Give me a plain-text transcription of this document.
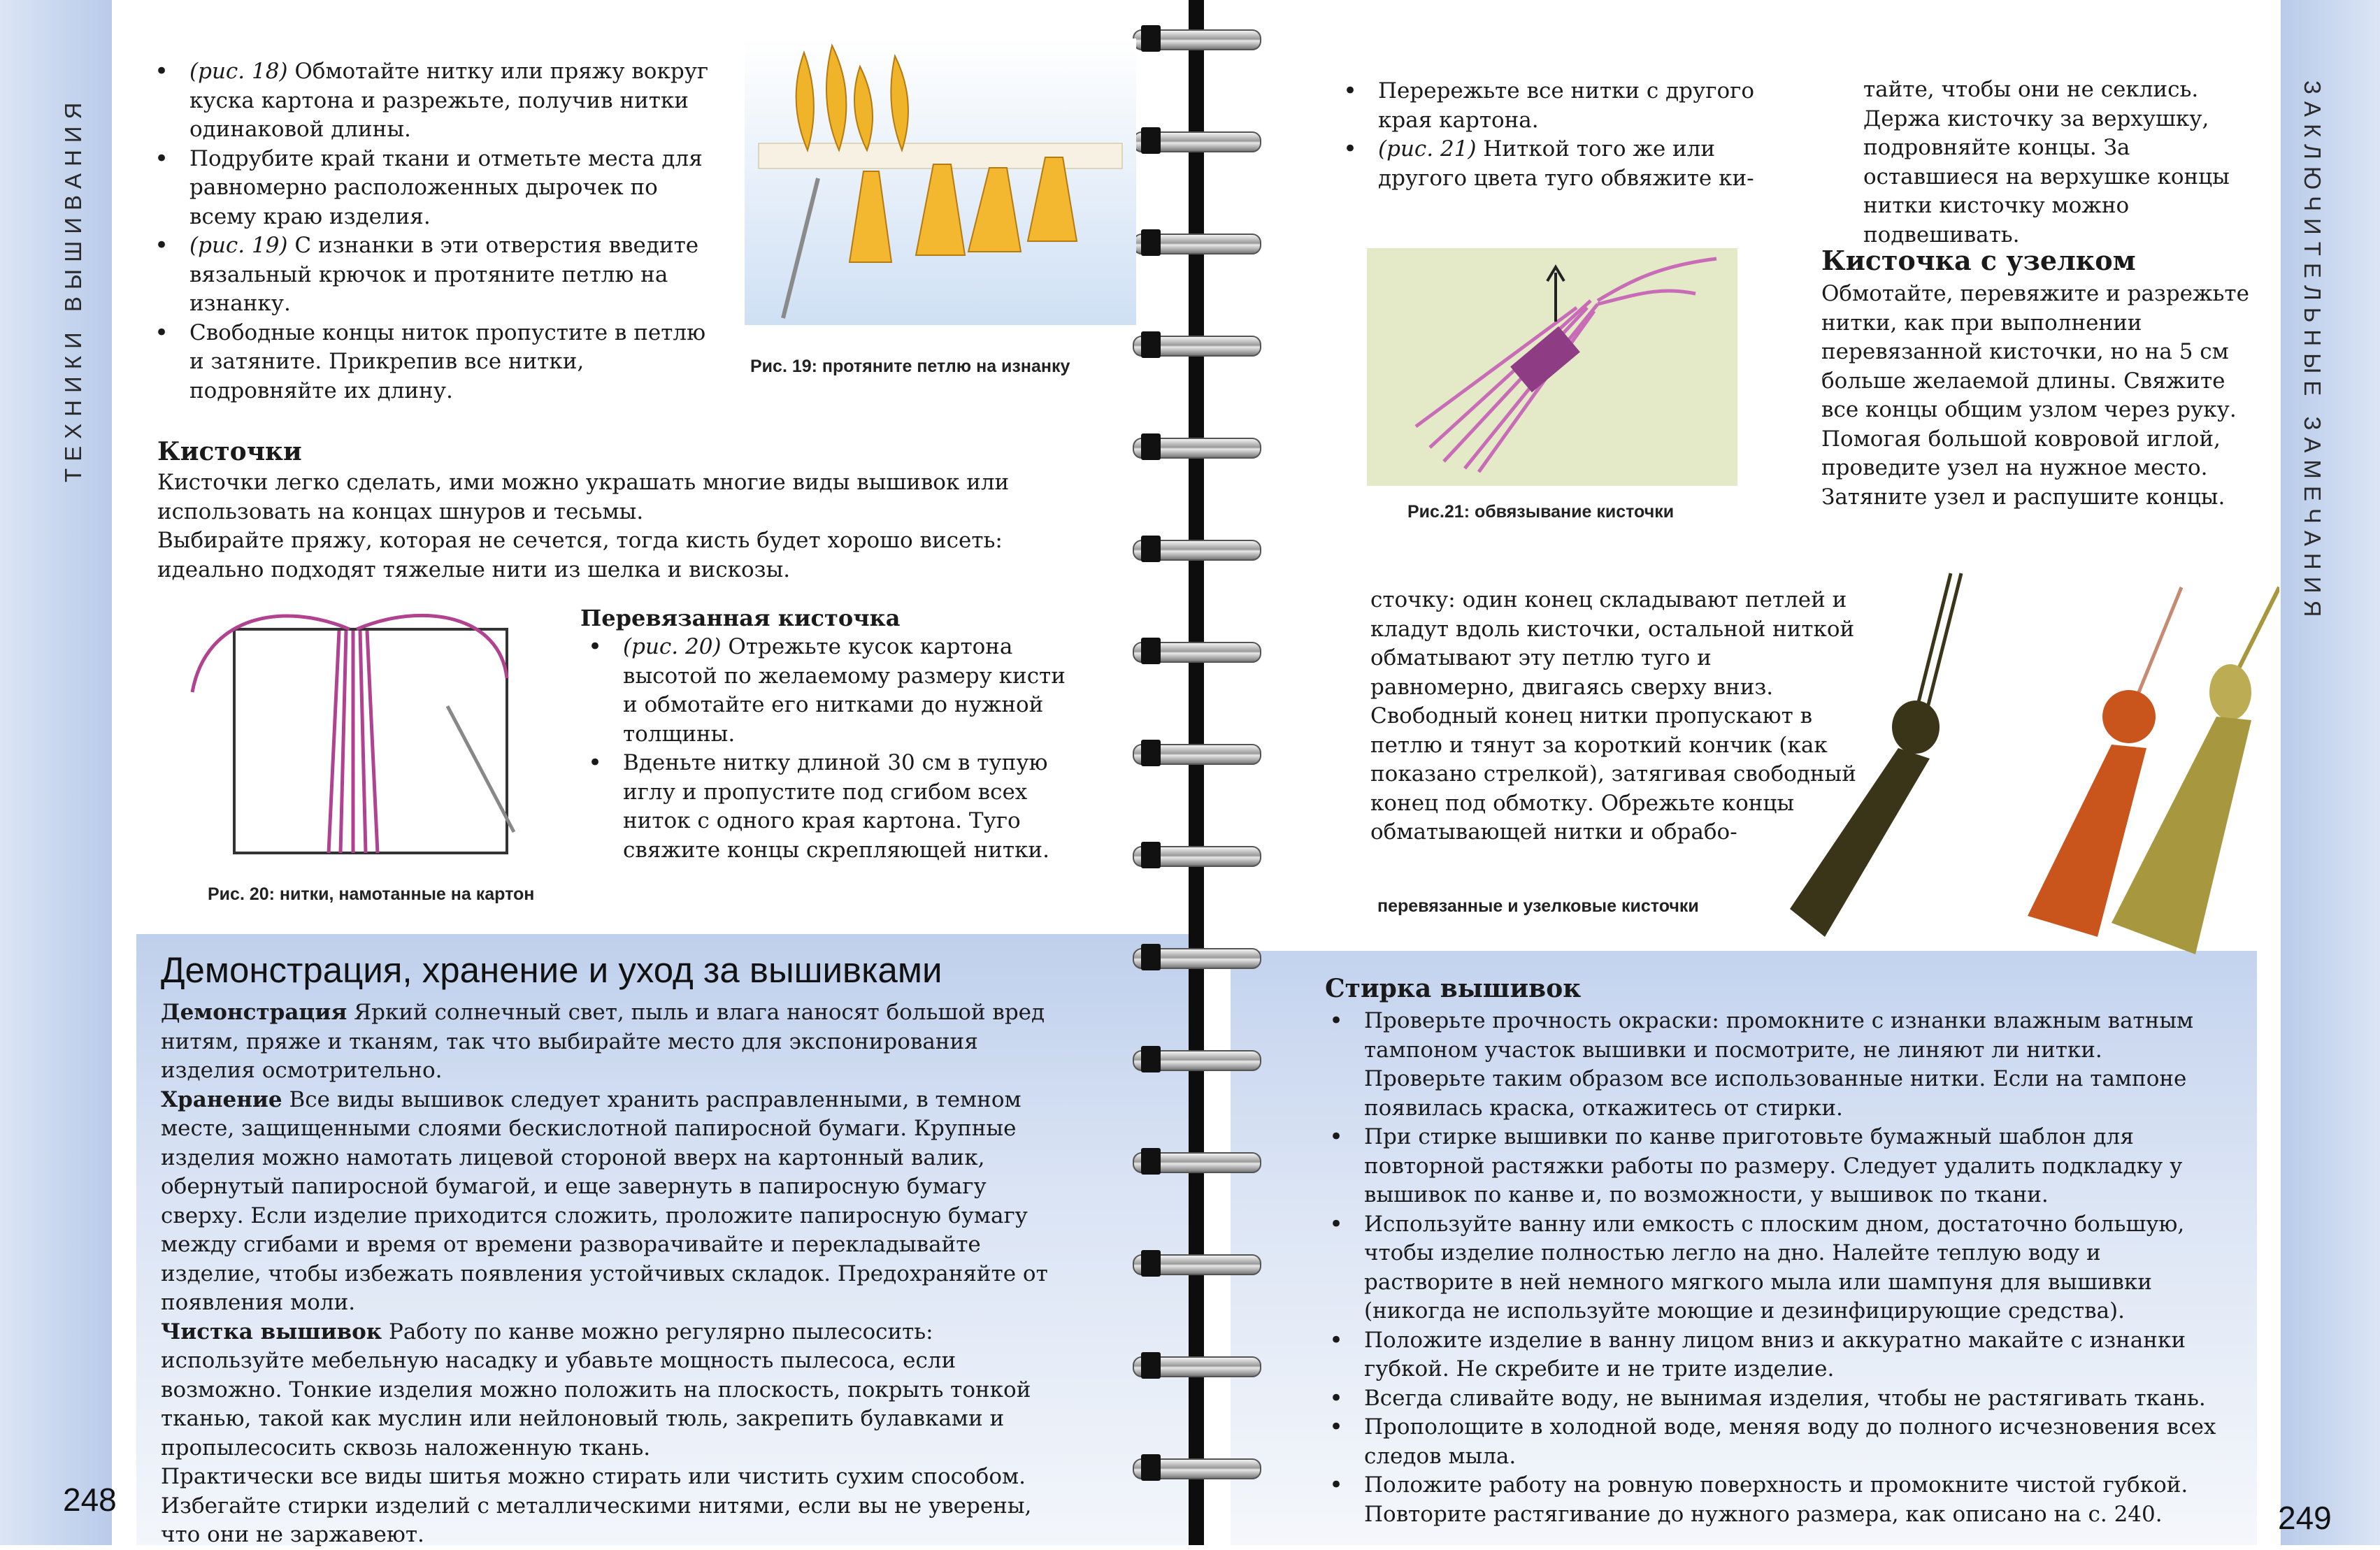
ТЕХНИКИ ВЫШИВАНИЯ	ЗАКЛЮЧИТЕЛЬНЫЕ ЗАМЕЧАНИЯ
248	249
• (рис. 18) Обмотайте нитку или пряжу вокруг куска картона и разрежьте, получив нитки одинаковой длины.
• Подрубите край ткани и отметьте места для равномерно расположенных дырочек по всему краю изделия.
• (рис. 19) С изнанки в эти отверстия введите вязальный крючок и протяните петлю на изнанку.
• Свободные концы ниток пропустите в петлю и затяните. Прикрепив все нитки, подровняйте их длину.
Рис. 19: протяните петлю на изнанку
Кисточки
Кисточки легко сделать, ими можно украшать многие виды вышивок или использовать на концах шнуров и тесьмы.
Выбирайте пряжу, которая не сечется, тогда кисть будет хорошо висеть: идеально подходят тяжелые нити из шелка и вискозы.
Рис. 20: нитки, намотанные на картон
Перевязанная кисточка
• (рис. 20) Отрежьте кусок картона высотой по желаемому размеру кисти и обмотайте его нитками до нужной толщины.
• Вденьте нитку длиной 30 см в тупую иглу и пропустите под сгибом всех ниток с одного края картона. Туго свяжите концы скрепляющей нитки.
Демонстрация, хранение и уход за вышивками
Демонстрация Яркий солнечный свет, пыль и влага наносят большой вред нитям, пряже и тканям, так что выбирайте место для экспонирования изделия осмотрительно.
Хранение Все виды вышивок следует хранить расправленными, в темном месте, защищенными слоями бескислотной папиросной бумаги. Крупные изделия можно намотать лицевой стороной вверх на картонный валик, обернутый папиросной бумагой, и еще завернуть в папиросную бумагу сверху. Если изделие приходится сложить, проложите папиросную бумагу между сгибами и время от времени разворачивайте и перекладывайте изделие, чтобы избежать появления устойчивых складок. Предохраняйте от появления моли.
Чистка вышивок Работу по канве можно регулярно пылесосить: используйте мебельную насадку и убавьте мощность пылесоса, если возможно. Тонкие изделия можно положить на плоскость, покрыть тонкой тканью, такой как муслин или нейлоновый тюль, закрепить булавками и пропылесосить сквозь наложенную ткань.
Практически все виды шитья можно стирать или чистить сухим способом. Избегайте стирки изделий с металлическими нитями, если вы не уверены, что они не заржавеют.
• Перережьте все нитки с другого края картона.
• (рис. 21) Ниткой того же или другого цвета туго обвяжите ки-
тайте, чтобы они не секлись. Держа кисточку за верхушку, подровняйте концы. За оставшиеся на верхушке концы нитки кисточку можно подвешивать.
Кисточка с узелком
Обмотайте, перевяжите и разрежьте нитки, как при выполнении перевязанной кисточки, но на 5 см больше желаемой длины. Свяжите все концы общим узлом через руку. Помогая большой ковровой иглой, проведите узел на нужное место. Затяните узел и распушите концы.
Рис.21: обвязывание кисточки
сточку: один конец складывают петлей и кладут вдоль кисточки, остальной ниткой обматывают эту петлю туго и равномерно, двигаясь сверху вниз. Свободный конец нитки пропускают в петлю и тянут за короткий кончик (как показано стрелкой), затягивая свободный конец под обмотку. Обрежьте концы обматывающей нитки и обрабо-
перевязанные и узелковые кисточки
Стирка вышивок
• Проверьте прочность окраски: промокните с изнанки влажным ватным тампоном участок вышивки и посмотрите, не линяют ли нитки. Проверьте таким образом все использованные нитки. Если на тампоне появилась краска, откажитесь от стирки.
• При стирке вышивки по канве приготовьте бумажный шаблон для повторной растяжки работы по размеру. Следует удалить подкладку у вышивок по канве и, по возможности, у вышивок по ткани.
• Используйте ванну или емкость с плоским дном, достаточно большую, чтобы изделие полностью легло на дно. Налейте теплую воду и растворите в ней немного мягкого мыла или шампуня для вышивки (никогда не используйте моющие и дезинфицирующие средства).
• Положите изделие в ванну лицом вниз и аккуратно макайте с изнанки губкой. Не скребите и не трите изделие.
• Всегда сливайте воду, не вынимая изделия, чтобы не растягивать ткань.
• Прополощите в холодной воде, меняя воду до полного исчезновения всех следов мыла.
• Положите работу на ровную поверхность и промокните чистой губкой. Повторите растягивание до нужного размера, как описано на с. 240.
